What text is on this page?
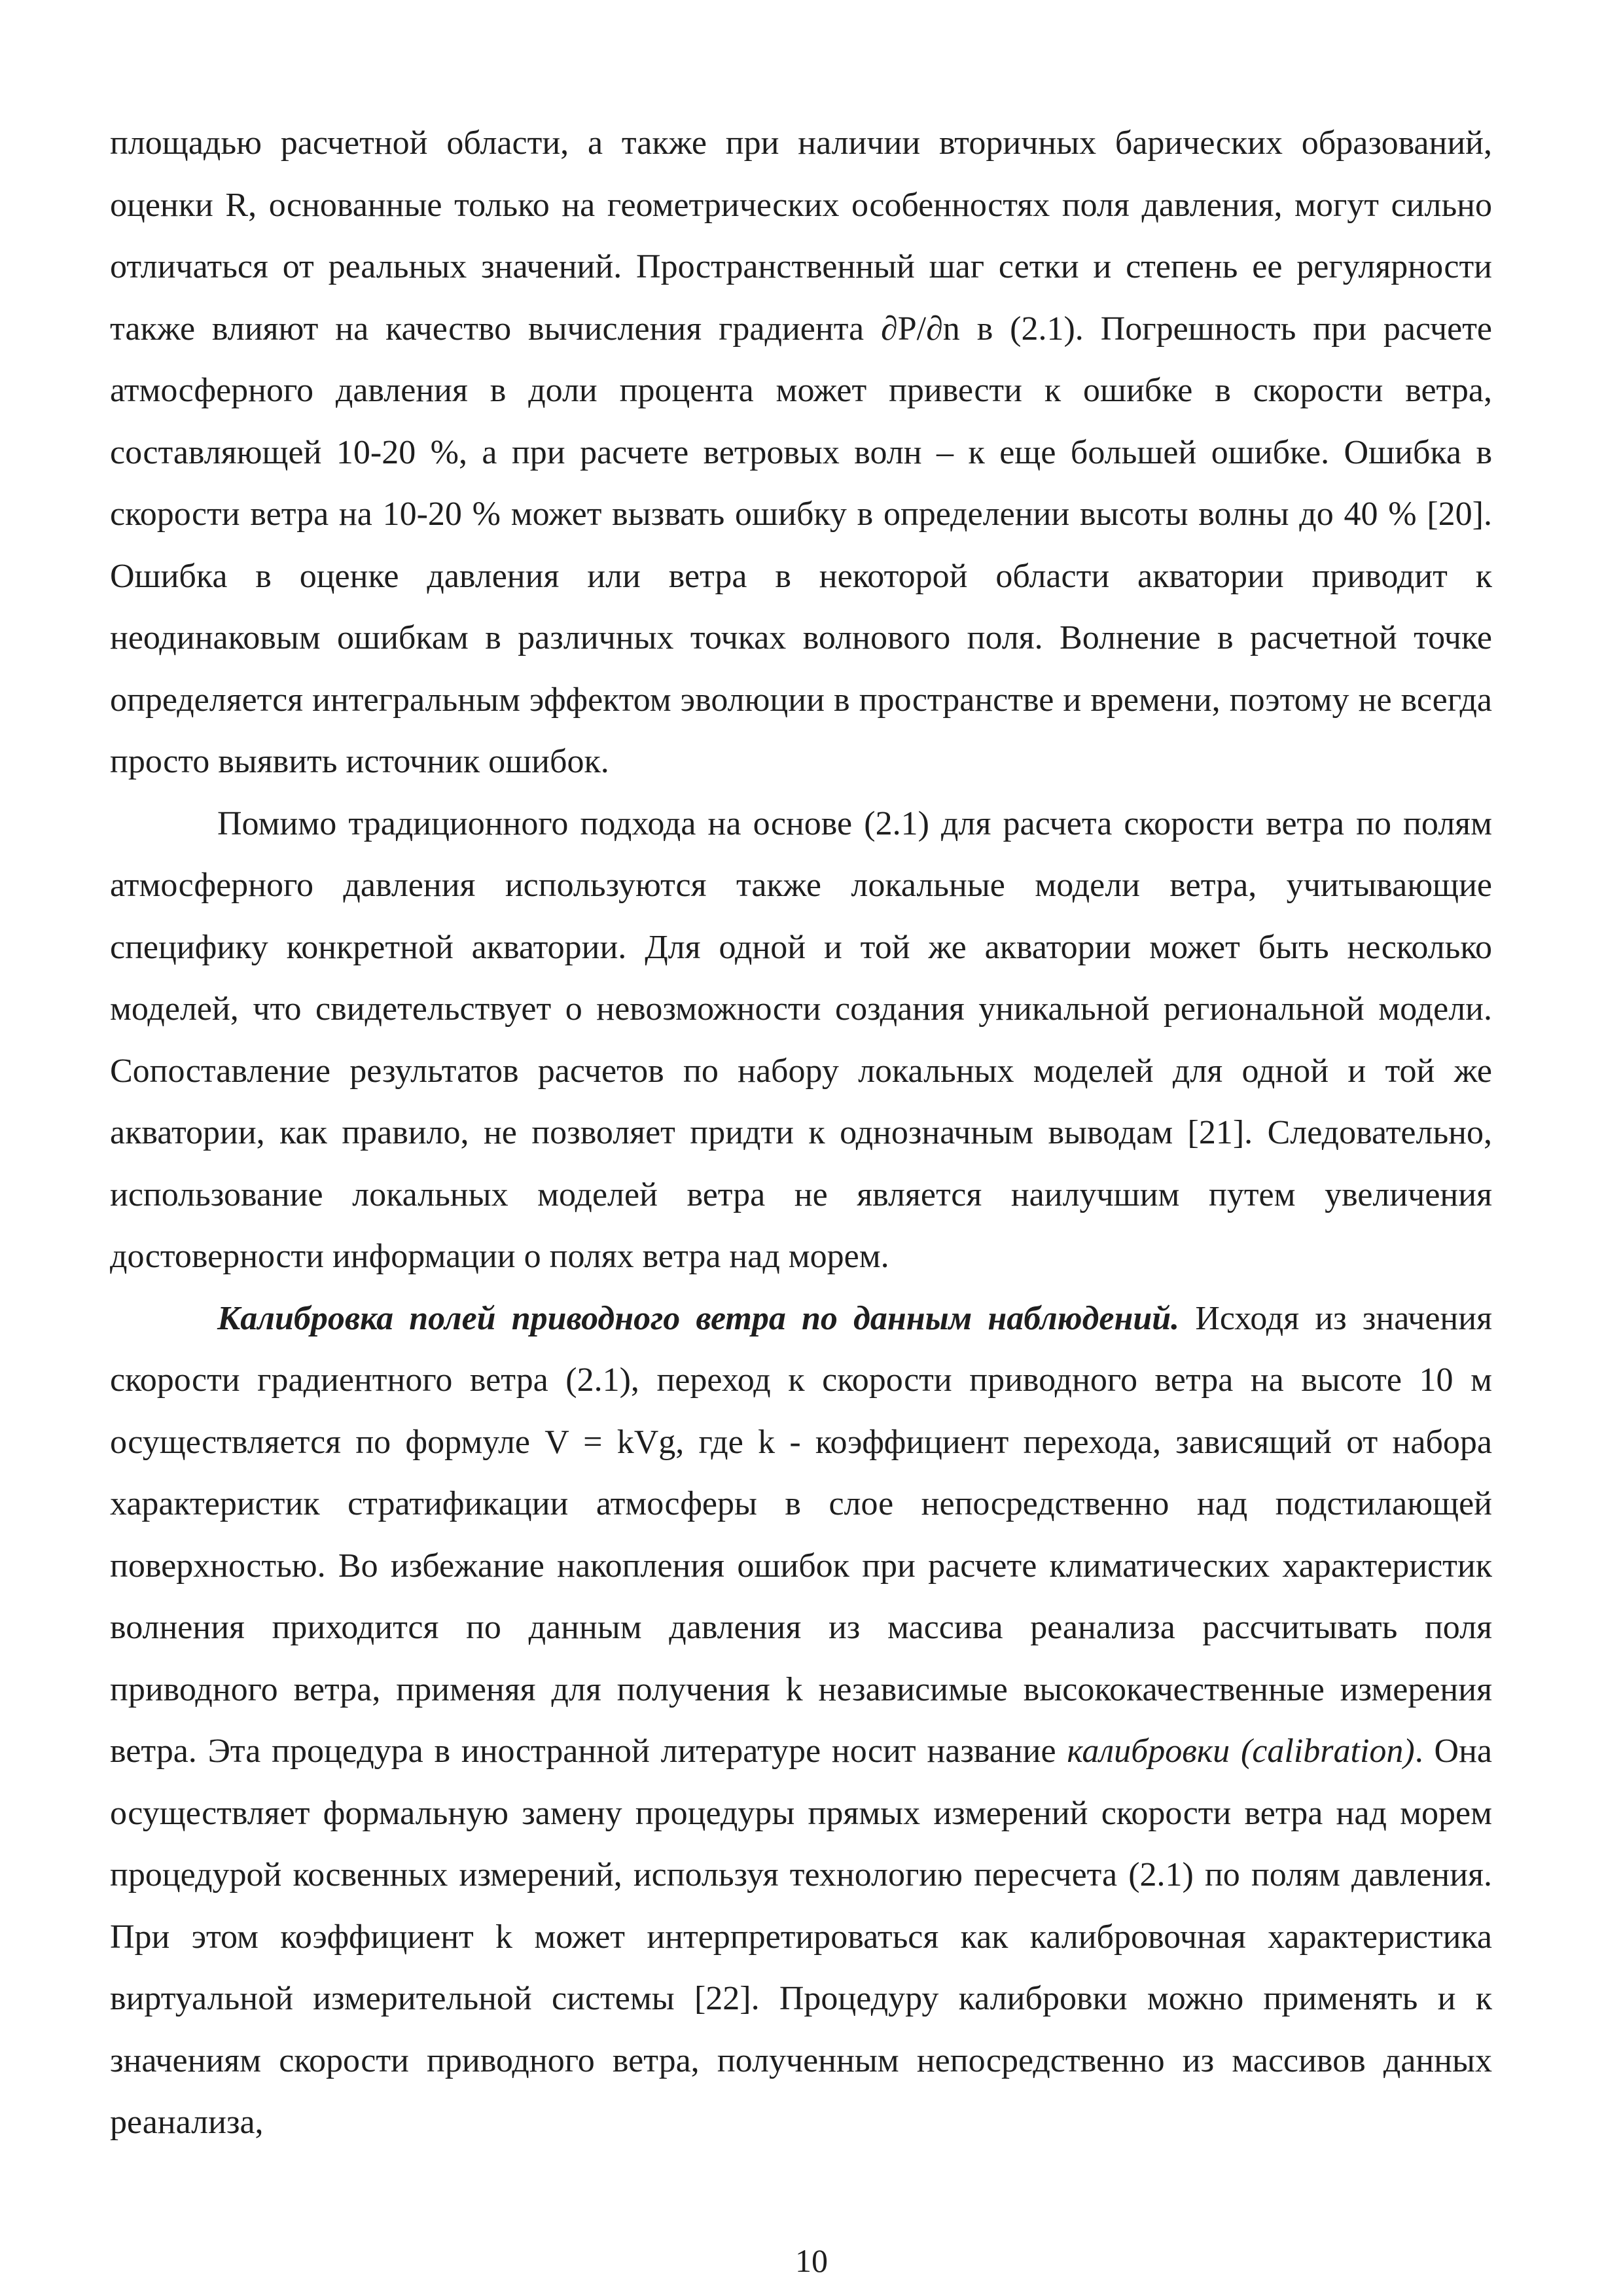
площадью расчетной области, а также при наличии вторичных барических образований, оценки R, основанные только на геометрических особенностях поля давления, могут сильно отличаться от реальных значений. Пространственный шаг сетки и степень ее регулярности также влияют на качество вычисления градиента ∂P/∂n в (2.1). Погрешность при расчете атмосферного давления в доли процента может привести к ошибке в скорости ветра, составляющей 10-20 %, а при расчете ветровых волн – к еще большей ошибке. Ошибка в скорости ветра на 10-20 % может вызвать ошибку в определении высоты волны до 40 % [20]. Ошибка в оценке давления или ветра в некоторой области акватории приводит к неодинаковым ошибкам в различных точках волнового поля. Волнение в расчетной точке определяется интегральным эффектом эволюции в пространстве и времени, поэтому не всегда просто выявить источник ошибок.

Помимо традиционного подхода на основе (2.1) для расчета скорости ветра по полям атмосферного давления используются также локальные модели ветра, учитывающие специфику конкретной акватории. Для одной и той же акватории может быть несколько моделей, что свидетельствует о невозможности создания уникальной региональной модели. Сопоставление результатов расчетов по набору локальных моделей для одной и той же акватории, как правило, не позволяет придти к однозначным выводам [21]. Следовательно, использование локальных моделей ветра не является наилучшим путем увеличения достоверности информации о полях ветра над морем.

Калибровка полей приводного ветра по данным наблюдений. Исходя из значения скорости градиентного ветра (2.1), переход к скорости приводного ветра на высоте 10 м осуществляется по формуле V = kVg, где k - коэффициент перехода, зависящий от набора характеристик стратификации атмосферы в слое непосредственно над подстилающей поверхностью. Во избежание накопления ошибок при расчете климатических характеристик волнения приходится по данным давления из массива реанализа рассчитывать поля приводного ветра, применяя для получения k независимые высококачественные измерения ветра. Эта процедура в иностранной литературе носит название калибровки (calibration). Она осуществляет формальную замену процедуры прямых измерений скорости ветра над морем процедурой косвенных измерений, используя технологию пересчета (2.1) по полям давления. При этом коэффициент k может интерпретироваться как калибровочная характеристика виртуальной измерительной системы [22]. Процедуру калибровки можно применять и к значениям скорости приводного ветра, полученным непосредственно из массивов данных реанализа,

10
